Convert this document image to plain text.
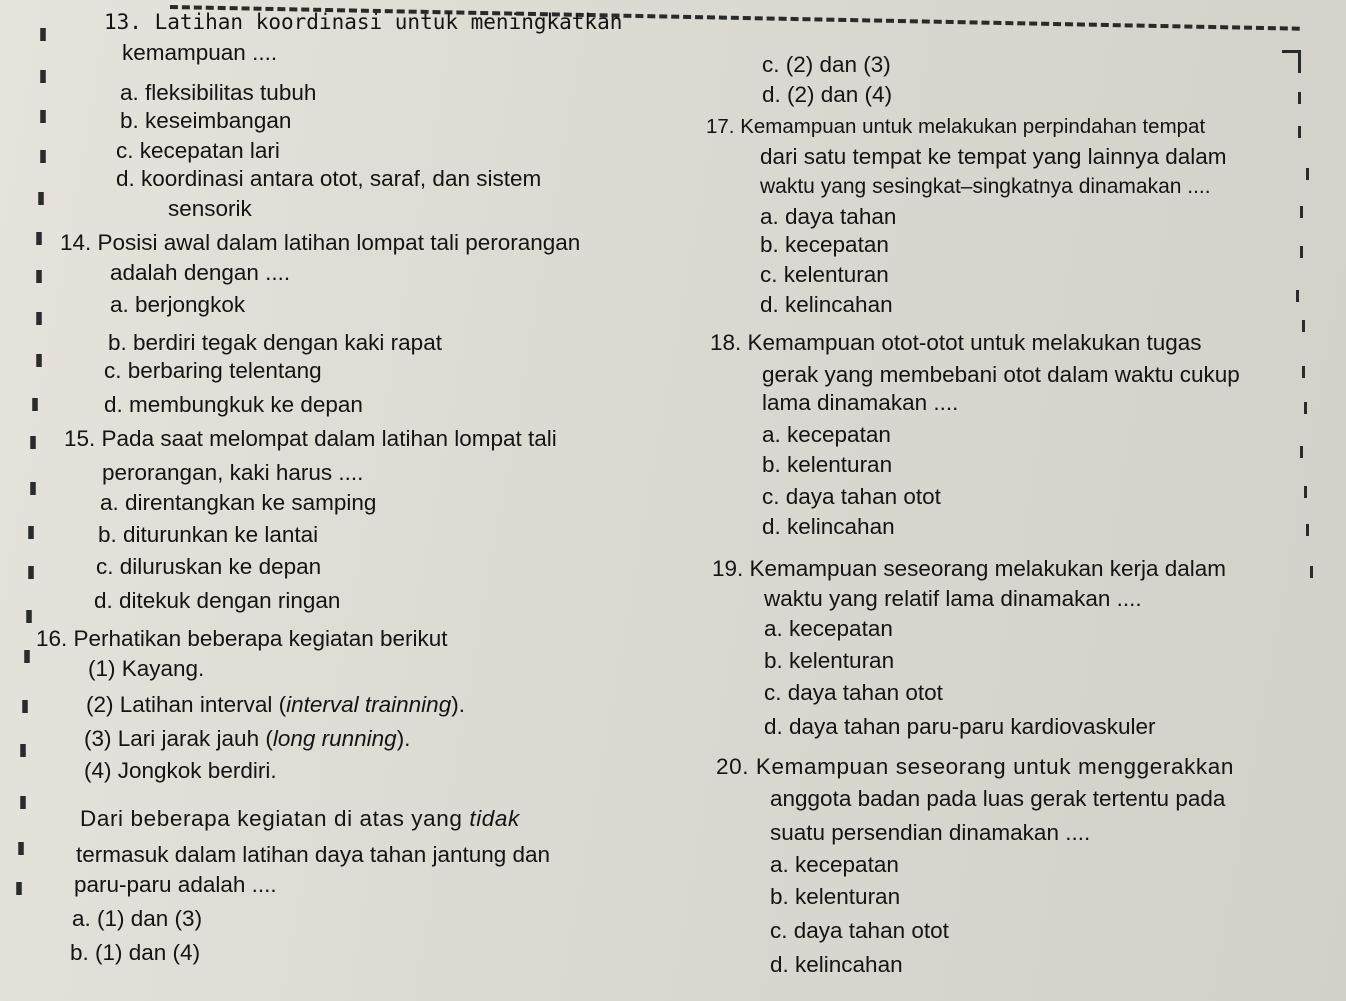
13. Latihan koordinasi untuk meningkatkan
kemampuan ....
a. fleksibilitas tubuh
b. keseimbangan
c. kecepatan lari
d. koordinasi antara otot, saraf, dan sistem
sensorik
14. Posisi awal dalam latihan lompat tali perorangan
adalah dengan ....
a. berjongkok
b. berdiri tegak dengan kaki rapat
c. berbaring telentang
d. membungkuk ke depan
15. Pada saat melompat dalam latihan lompat tali
perorangan, kaki harus ....
a. direntangkan ke samping
b. diturunkan ke lantai
c. diluruskan ke depan
d. ditekuk dengan ringan
16. Perhatikan beberapa kegiatan berikut
(1) Kayang.
(2) Latihan interval (interval trainning).
(3) Lari jarak jauh (long running).
(4) Jongkok berdiri.
Dari beberapa kegiatan di atas yang tidak
termasuk dalam latihan daya tahan jantung dan
paru-paru adalah ....
a. (1) dan (3)
b. (1) dan (4)
c. (2) dan (3)
d. (2) dan (4)
17. Kemampuan untuk melakukan perpindahan tempat
dari satu tempat ke tempat yang lainnya dalam
waktu yang sesingkat–singkatnya dinamakan ....
a. daya tahan
b. kecepatan
c. kelenturan
d. kelincahan
18. Kemampuan otot-otot untuk melakukan tugas
gerak yang membebani otot dalam waktu cukup
lama dinamakan ....
a. kecepatan
b. kelenturan
c. daya tahan otot
d. kelincahan
19. Kemampuan seseorang melakukan kerja dalam
waktu yang relatif lama dinamakan ....
a. kecepatan
b. kelenturan
c. daya tahan otot
d. daya tahan paru-paru kardiovaskuler
20. Kemampuan seseorang untuk menggerakkan
anggota badan pada luas gerak tertentu pada
suatu persendian dinamakan ....
a. kecepatan
b. kelenturan
c. daya tahan otot
d. kelincahan
